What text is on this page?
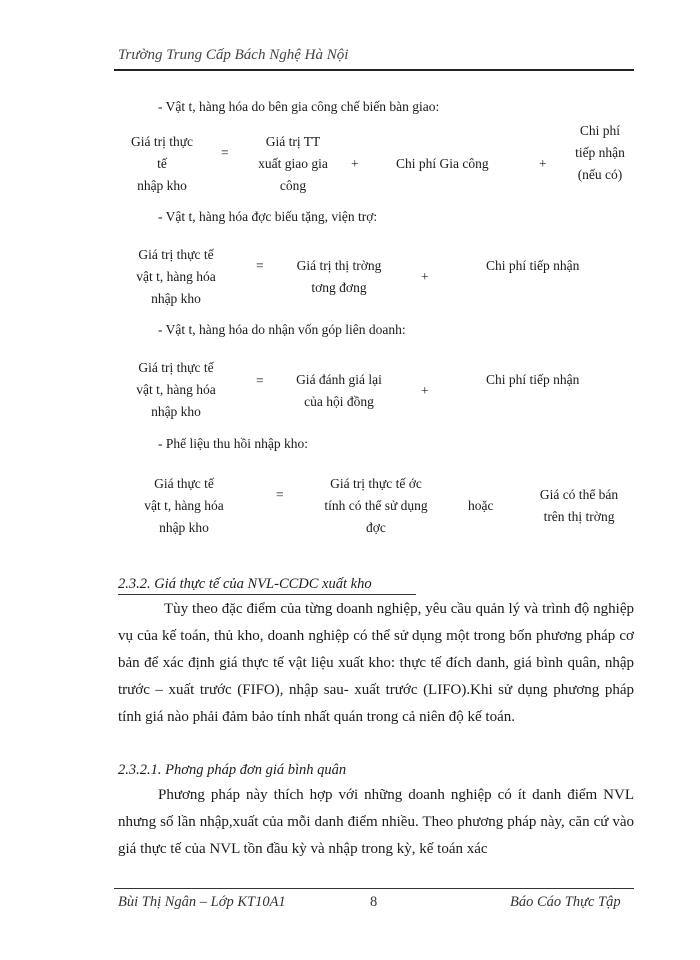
Trường Trung Cấp Bách Nghệ Hà Nội
- Vật t, hàng hóa do bên gia công chế biến bàn giao:
Giá trị thực
tế
nhập kho
=
Giá trị TT
xuất giao gia
công
+	Chi phí Gia công	+
Chi phí
tiếp nhận
(nếu có)
- Vật t, hàng hóa đợc biếu tặng, viện trợ:
Giá trị thực tế
vật t, hàng hóa
nhập kho
=	Giá trị thị trờng
tơng đơng
+
Chi phí tiếp nhận
- Vật t, hàng hóa do nhận vốn góp liên doanh:
Giá trị thực tế
vật t, hàng hóa
nhập kho
=	Giá đánh giá lại
của hội đồng
+
Chi phí tiếp nhận
- Phế liệu thu hồi nhập kho:
Giá thực tế
vật t, hàng hóa
nhập kho
=
Giá trị thực tế ớc
tính có thể sử dụng
đợc
hoặc
Giá có thể bán
trên thị trờng
2.3.2. Giá thực tế của NVL-CCDC xuất kho
Tùy theo đặc điểm của từng doanh nghiệp, yêu cầu quản lý và trình độ nghiệp vụ của kế toán, thủ kho, doanh nghiệp có thể sử dụng một trong bốn phương pháp cơ bản để xác định giá thực tế vật liệu xuất kho: thực tế đích danh, giá bình quân, nhập trước – xuất trước (FIFO), nhập sau- xuất trước (LIFO).Khi sử dụng phương pháp tính giá nào phải đảm bảo tính nhất quán trong cả niên độ kế toán.
2.3.2.1. Phơng pháp đơn giá bình quân
Phương pháp này thích hợp với những doanh nghiệp có ít danh điểm NVL nhưng số lần nhập,xuất của mỗi danh điểm nhiều. Theo phương pháp này, căn cứ vào giá thực tế của NVL tồn đầu kỳ và nhập trong kỳ, kế toán xác
Bùi Thị Ngân – Lớp KT10A1	8	Báo Cáo Thực Tập
